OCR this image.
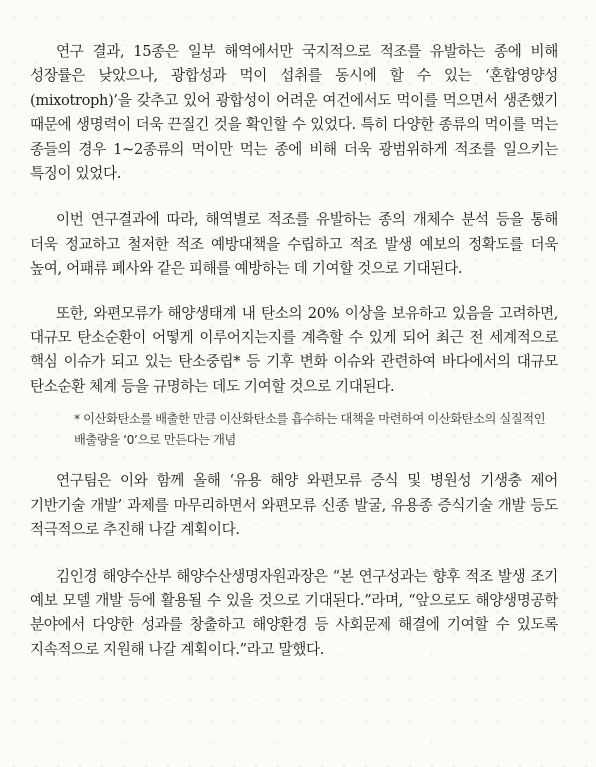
연구 결과, 15종은 일부 해역에서만 국지적으로 적조를 유발하는 종에 비해 성장률은 낮았으나, 광합성과 먹이 섭취를 동시에 할 수 있는 ‘혼합영양성(mixotroph)’을 갖추고 있어 광합성이 어려운 여건에서도 먹이를 먹으면서 생존했기 때문에 생명력이 더욱 끈질긴 것을 확인할 수 있었다. 특히 다양한 종류의 먹이를 먹는 종들의 경우 1~2종류의 먹이만 먹는 종에 비해 더욱 광범위하게 적조를 일으키는 특징이 있었다.

이번 연구결과에 따라, 해역별로 적조를 유발하는 종의 개체수 분석 등을 통해 더욱 정교하고 철저한 적조 예방대책을 수립하고 적조 발생 예보의 정확도를 더욱 높여, 어패류 폐사와 같은 피해를 예방하는 데 기여할 것으로 기대된다.

또한, 와편모류가 해양생태계 내 탄소의 20% 이상을 보유하고 있음을 고려하면, 대규모 탄소순환이 어떻게 이루어지는지를 계측할 수 있게 되어 최근 전 세계적으로 핵심 이슈가 되고 있는 탄소중립* 등 기후 변화 이슈와 관련하여 바다에서의 대규모 탄소순환 체계 등을 규명하는 데도 기여할 것으로 기대된다.

* 이산화탄소를 배출한 만큼 이산화탄소를 흡수하는 대책을 마련하여 이산화탄소의 실질적인 배출량을 ‘0’으로 만든다는 개념

연구팀은 이와 함께 올해 ‘유용 해양 와편모류 증식 및 병원성 기생충 제어 기반기술 개발’ 과제를 마무리하면서 와편모류 신종 발굴, 유용종 증식기술 개발 등도 적극적으로 추진해 나갈 계획이다.

김인경 해양수산부 해양수산생명자원과장은 “본 연구성과는 향후 적조 발생 조기 예보 모델 개발 등에 활용될 수 있을 것으로 기대된다.”라며, “앞으로도 해양생명공학 분야에서 다양한 성과를 창출하고 해양환경 등 사회문제 해결에 기여할 수 있도록 지속적으로 지원해 나갈 계획이다.”라고 말했다.
